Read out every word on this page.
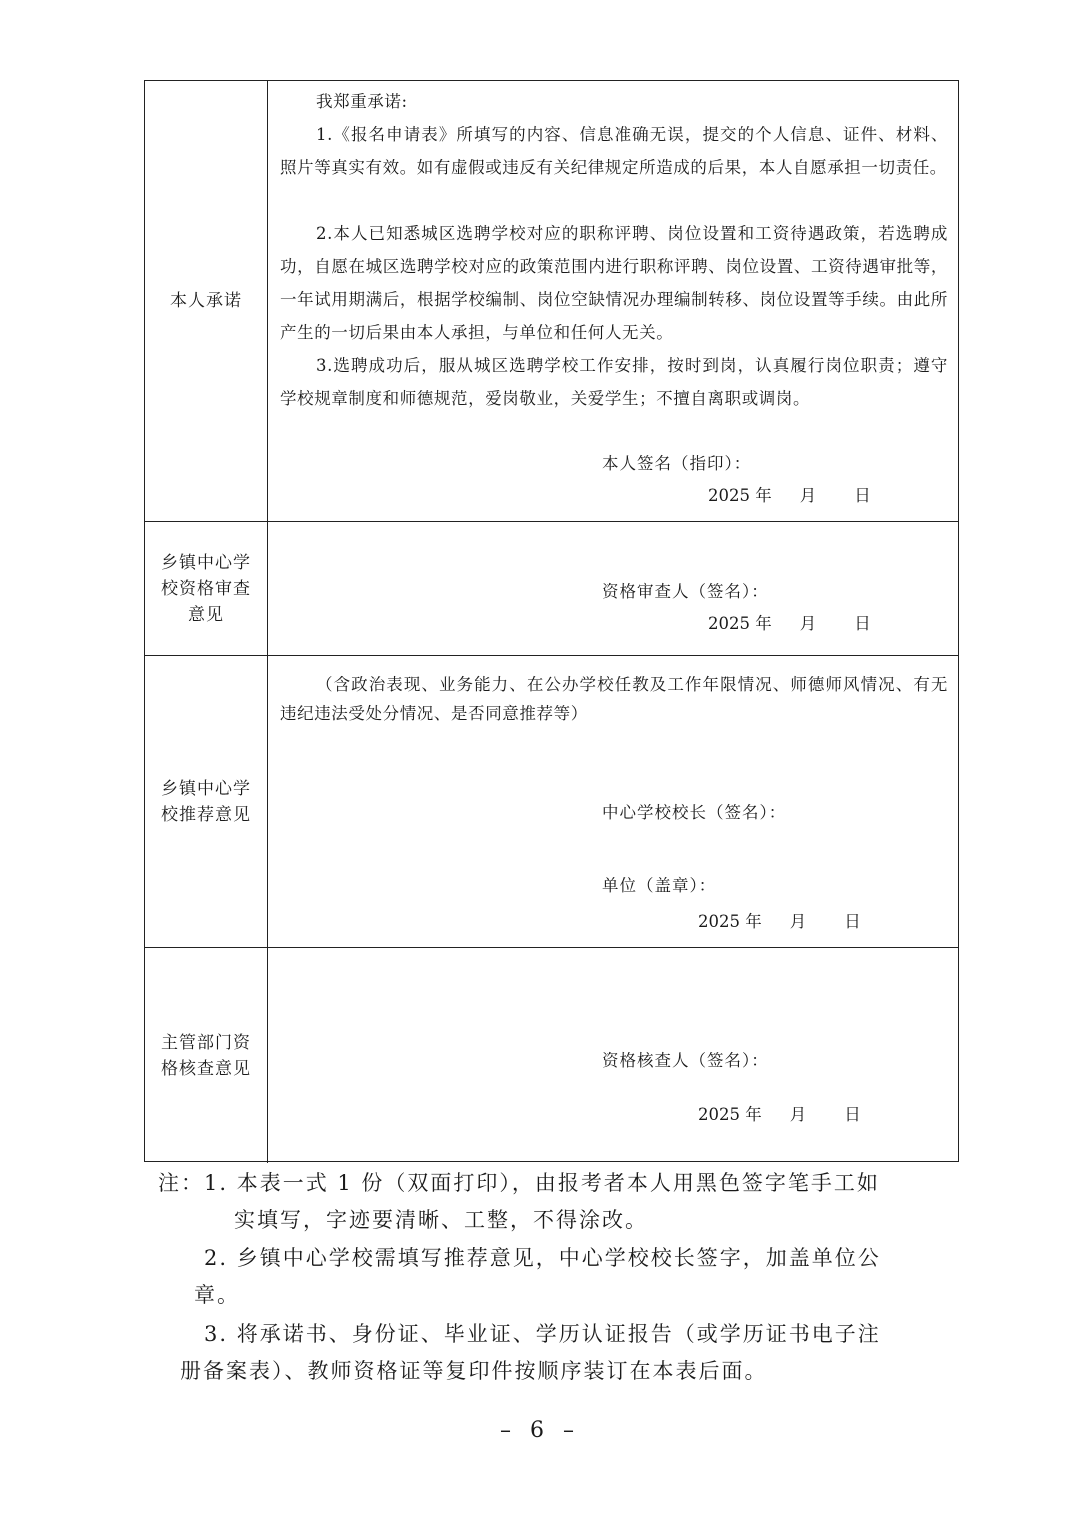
本人承诺
我郑重承诺:
1.《报名申请表》所填写的内容、信息准确无误，提交的个人信息、证件、材料、照片等真实有效。如有虚假或违反有关纪律规定所造成的后果，本人自愿承担一切责任。
2.本人已知悉城区选聘学校对应的职称评聘、岗位设置和工资待遇政策，若选聘成功，自愿在城区选聘学校对应的政策范围内进行职称评聘、岗位设置、工资待遇审批等，一年试用期满后，根据学校编制、岗位空缺情况办理编制转移、岗位设置等手续。由此所产生的一切后果由本人承担，与单位和任何人无关。
3.选聘成功后，服从城区选聘学校工作安排，按时到岗，认真履行岗位职责；遵守学校规章制度和师德规范，爱岗敬业，关爱学生；不擅自离职或调岗。
本人签名（指印）：
2025 年 月 日
乡镇中心学
校资格审查
意见
资格审查人（签名）：
2025 年 月 日
乡镇中心学
校推荐意见
（含政治表现、业务能力、在公办学校任教及工作年限情况、师德师风情况、有无违纪违法受处分情况、是否同意推荐等）
中心学校校长（签名）：
单位（盖章）：
2025 年 月 日
主管部门资
格核查意见	资格核查人（签名）：
2025 年 月 日
注：1. 本表一式 1 份（双面打印），由报考者本人用黑色签字笔手工如
实填写，字迹要清晰、工整，不得涂改。
2. 乡镇中心学校需填写推荐意见，中心学校校长签字，加盖单位公
章。
3. 将承诺书、身份证、毕业证、学历认证报告（或学历证书电子注
册备案表）、教师资格证等复印件按顺序装订在本表后面。
– 6 –
